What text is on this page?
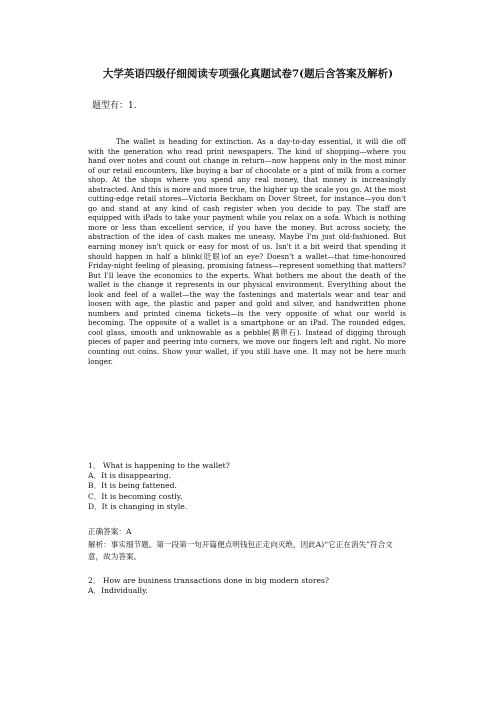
大学英语四级仔细阅读专项强化真题试卷7(题后含答案及解析)
题型有：1.

The wallet is heading for extinction. As a day-to-day essential, it will die off with the generation who read print newspapers. The kind of shopping—where you hand over notes and count out change in return—now happens only in the most minor of our retail encounters, like buying a bar of chocolate or a pint of milk from a corner shop. At the shops where you spend any real money, that money is increasingly abstracted. And this is more and more true, the higher up the scale you go. At the most cutting-edge retail stores—Victoria Beckham on Dover Street, for instance—you don't go and stand at any kind of cash register when you decide to pay. The staff are equipped with iPads to take your payment while you relax on a sofa. Which is nothing more or less than excellent service, if you have the money. But across society, the abstraction of the idea of cash makes me uneasy. Maybe I'm just old-fashioned. But earning money isn't quick or easy for most of us. Isn't it a bit weird that spending it should happen in half a blink(眨眼)of an eye? Doesn't a wallet—that time-honoured Friday-night feeling of pleasing, promising fatness—represent something that matters? But I'll leave the economics to the experts. What bothers me about the death of the wallet is the change it represents in our physical environment. Everything about the look and feel of a wallet—the way the fastenings and materials wear and tear and loosen with age, the plastic and paper and gold and silver, and handwritten phone numbers and printed cinema tickets—is the very opposite of what our world is becoming. The opposite of a wallet is a smartphone or an iPad. The rounded edges, cool glass, smooth and unknowable as a pebble(鹅卵石). Instead of digging through pieces of paper and peering into corners, we move our fingers left and right. No more counting out coins. Show your wallet, if you still have one. It may not be here much longer.

1． What is happening to the wallet?
A．It is disappearing.
B．It is being fattened.
C．It is becoming costly.
D．It is changing in style.
正确答案：A
解析：事实细节题。第一段第一句开篇便点明钱包正走向灭绝，因此A)“它正在消失”符合文意，故为答案。
2． How are business transactions done in big modern stores?
A．Individually.
